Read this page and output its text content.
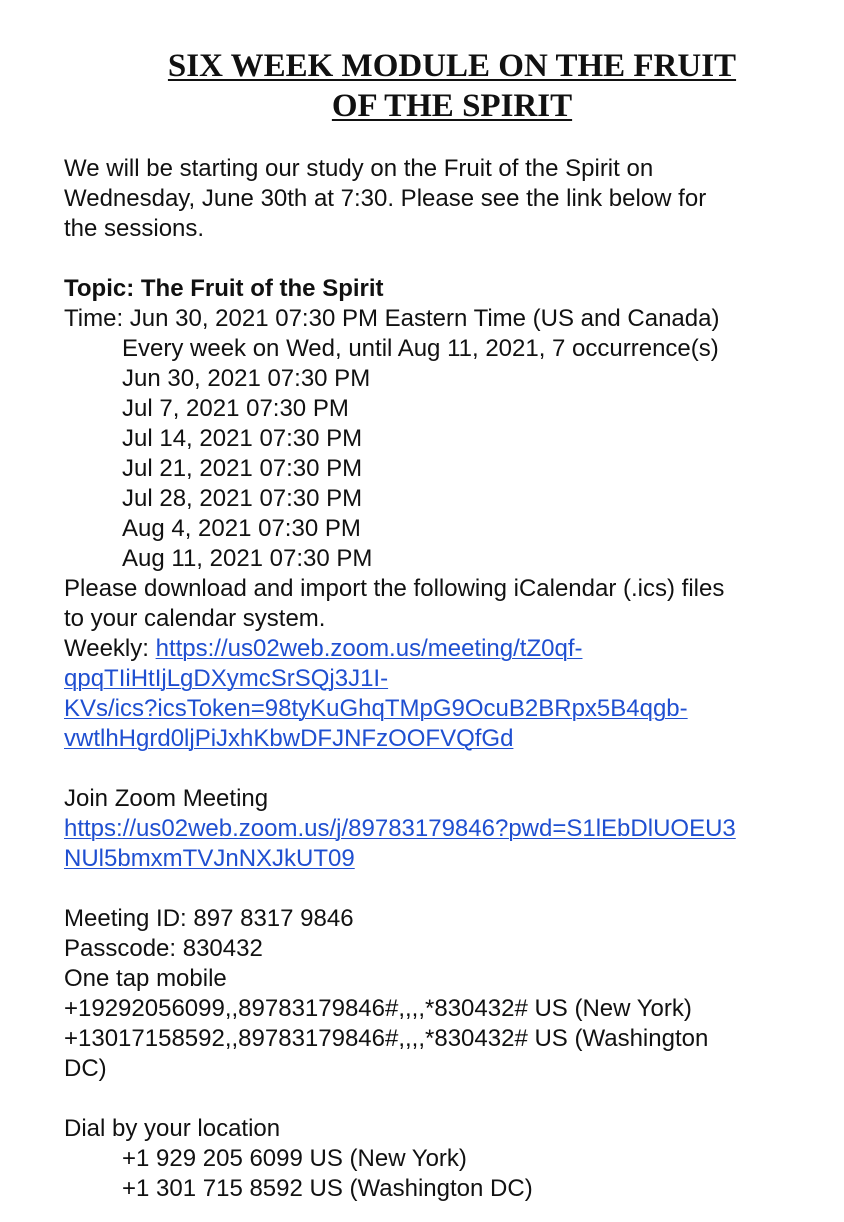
SIX WEEK MODULE ON THE FRUIT
OF THE SPIRIT
We will be starting our study on the Fruit of the Spirit on
Wednesday, June 30th at 7:30. Please see the link below for
the sessions.
Topic: The Fruit of the Spirit
Time: Jun 30, 2021 07:30 PM Eastern Time (US and Canada)
Every week on Wed, until Aug 11, 2021, 7 occurrence(s)
Jun 30, 2021 07:30 PM
Jul 7, 2021 07:30 PM
Jul 14, 2021 07:30 PM
Jul 21, 2021 07:30 PM
Jul 28, 2021 07:30 PM
Aug 4, 2021 07:30 PM
Aug 11, 2021 07:30 PM
Please download and import the following iCalendar (.ics) files
to your calendar system.
Weekly: https://us02web.zoom.us/meeting/tZ0qf-
qpqTIiHtIjLgDXymcSrSQj3J1I-
KVs/ics?icsToken=98tyKuGhqTMpG9OcuB2BRpx5B4qgb-
vwtlhHgrd0ljPiJxhKbwDFJNFzOOFVQfGd
Join Zoom Meeting
https://us02web.zoom.us/j/89783179846?pwd=S1lEbDlUOEU3
NUl5bmxmTVJnNXJkUT09
Meeting ID: 897 8317 9846
Passcode: 830432
One tap mobile
+19292056099,,89783179846#,,,,*830432# US (New York)
+13017158592,,89783179846#,,,,*830432# US (Washington
DC)
Dial by your location
+1 929 205 6099 US (New York)
+1 301 715 8592 US (Washington DC)
